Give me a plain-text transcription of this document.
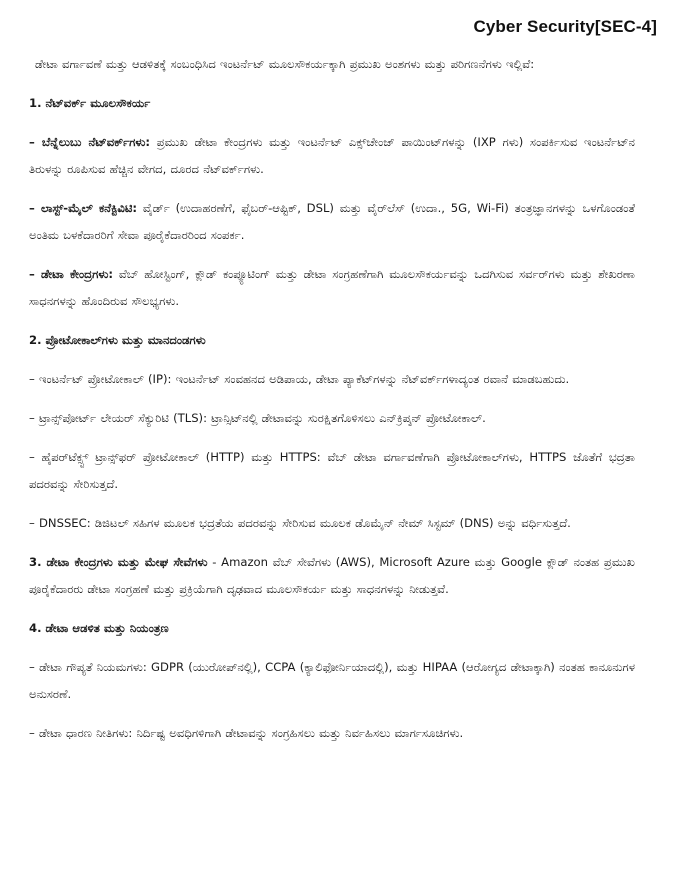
Cyber Security[SEC-4]

ಡೇಟಾ ವರ್ಗಾವಣೆ ಮತ್ತು ಆಡಳಿತಕ್ಕೆ ಸಂಬಂಧಿಸಿದ ಇಂಟರ್ನೆಟ್ ಮೂಲಸೌಕರ್ಯಕ್ಕಾಗಿ ಪ್ರಮುಖ ಅಂಶಗಳು ಮತ್ತು ಪರಿಗಣನೆಗಳು ಇಲ್ಲಿವೆ:

1. ನೆಟ್‌ವರ್ಕ್ ಮೂಲಸೌಕರ್ಯ

– ಬೆನ್ನೆಲುಬು ನೆಟ್‌ವರ್ಕ್‌ಗಳು: ಪ್ರಮುಖ ಡೇಟಾ ಕೇಂದ್ರಗಳು ಮತ್ತು ಇಂಟರ್ನೆಟ್ ಎಕ್ಸ್‌ಚೇಂಜ್ ಪಾಯಿಂಟ್‌ಗಳನ್ನು (IXP ಗಳು) ಸಂಪರ್ಕಿಸುವ ಇಂಟರ್ನೆಟ್‌ನ ತಿರುಳನ್ನು ರೂಪಿಸುವ ಹೆಚ್ಚಿನ ವೇಗದ, ದೂರದ ನೆಟ್‌ವರ್ಕ್‌ಗಳು.

– ಲಾಸ್ಟ್-ಮೈಲ್ ಕನೆಕ್ಟಿವಿಟಿ: ವೈರ್ಡ್ (ಉದಾಹರಣೆಗೆ, ಫೈಬರ್-ಆಪ್ಟಿಕ್, DSL) ಮತ್ತು ವೈರ್‌ಲೆಸ್ (ಉದಾ., 5G, Wi-Fi) ತಂತ್ರಜ್ಞಾನಗಳನ್ನು ಒಳಗೊಂಡಂತೆ ಅಂತಿಮ ಬಳಕೆದಾರರಿಗೆ ಸೇವಾ ಪೂರೈಕೆದಾರರಿಂದ ಸಂಪರ್ಕ.

– ಡೇಟಾ ಕೇಂದ್ರಗಳು: ವೆಬ್ ಹೋಸ್ಟಿಂಗ್, ಕ್ಲೌಡ್ ಕಂಪ್ಯೂಟಿಂಗ್ ಮತ್ತು ಡೇಟಾ ಸಂಗ್ರಹಣೆಗಾಗಿ ಮೂಲಸೌಕರ್ಯವನ್ನು ಒದಗಿಸುವ ಸರ್ವರ್‌ಗಳು ಮತ್ತು ಶೇಖರಣಾ ಸಾಧನಗಳನ್ನು ಹೊಂದಿರುವ ಸೌಲಭ್ಯಗಳು.

2. ಪ್ರೋಟೋಕಾಲ್‌ಗಳು ಮತ್ತು ಮಾನದಂಡಗಳು

– ಇಂಟರ್ನೆಟ್ ಪ್ರೋಟೋಕಾಲ್ (IP): ಇಂಟರ್ನೆಟ್ ಸಂವಹನದ ಅಡಿಪಾಯ, ಡೇಟಾ ಪ್ಯಾಕೆಟ್‌ಗಳನ್ನು ನೆಟ್‌ವರ್ಕ್‌ಗಳಾದ್ಯಂತ ರವಾನೆ ಮಾಡಬಹುದು.

– ಟ್ರಾನ್ಸ್‌ಪೋರ್ಟ್ ಲೇಯರ್ ಸೆಕ್ಯುರಿಟಿ (TLS): ಟ್ರಾನ್ಸಿಟ್‌ನಲ್ಲಿ ಡೇಟಾವನ್ನು ಸುರಕ್ಷಿತಗೊಳಿಸಲು ಎನ್‌ಕ್ರಿಪ್ಶನ್ ಪ್ರೋಟೋಕಾಲ್.

– ಹೈಪರ್‌ಟೆಕ್ಸ್ಟ್ ಟ್ರಾನ್ಸ್‌ಫರ್ ಪ್ರೋಟೋಕಾಲ್ (HTTP) ಮತ್ತು HTTPS: ವೆಬ್ ಡೇಟಾ ವರ್ಗಾವಣೆಗಾಗಿ ಪ್ರೋಟೋಕಾಲ್‌ಗಳು, HTTPS ಜೊತೆಗೆ ಭದ್ರತಾ ಪದರವನ್ನು ಸೇರಿಸುತ್ತದೆ.

– DNSSEC: ಡಿಜಿಟಲ್ ಸಹಿಗಳ ಮೂಲಕ ಭದ್ರತೆಯ ಪದರವನ್ನು ಸೇರಿಸುವ ಮೂಲಕ ಡೊಮೈನ್ ನೇಮ್ ಸಿಸ್ಟಮ್ (DNS) ಅನ್ನು ವರ್ಧಿಸುತ್ತದೆ.

3. ಡೇಟಾ ಕೇಂದ್ರಗಳು ಮತ್ತು ಮೇಘ ಸೇವೆಗಳು - Amazon ವೆಬ್ ಸೇವೆಗಳು (AWS), Microsoft Azure ಮತ್ತು Google ಕ್ಲೌಡ್ ನಂತಹ ಪ್ರಮುಖ ಪೂರೈಕೆದಾರರು ಡೇಟಾ ಸಂಗ್ರಹಣೆ ಮತ್ತು ಪ್ರಕ್ರಿಯೆಗಾಗಿ ದೃಢವಾದ ಮೂಲಸೌಕರ್ಯ ಮತ್ತು ಸಾಧನಗಳನ್ನು ನೀಡುತ್ತವೆ.

4. ಡೇಟಾ ಆಡಳಿತ ಮತ್ತು ನಿಯಂತ್ರಣ

– ಡೇಟಾ ಗೌಪ್ಯತೆ ನಿಯಮಗಳು: GDPR (ಯುರೋಪ್‌ನಲ್ಲಿ), CCPA (ಕ್ಯಾಲಿಫೋರ್ನಿಯಾದಲ್ಲಿ), ಮತ್ತು HIPAA (ಆರೋಗ್ಯದ ಡೇಟಾಕ್ಕಾಗಿ) ನಂತಹ ಕಾನೂನುಗಳ ಅನುಸರಣೆ.

– ಡೇಟಾ ಧಾರಣ ನೀತಿಗಳು: ನಿರ್ದಿಷ್ಟ ಅವಧಿಗಳಿಗಾಗಿ ಡೇಟಾವನ್ನು ಸಂಗ್ರಹಿಸಲು ಮತ್ತು ನಿರ್ವಹಿಸಲು ಮಾರ್ಗಸೂಚಿಗಳು.
